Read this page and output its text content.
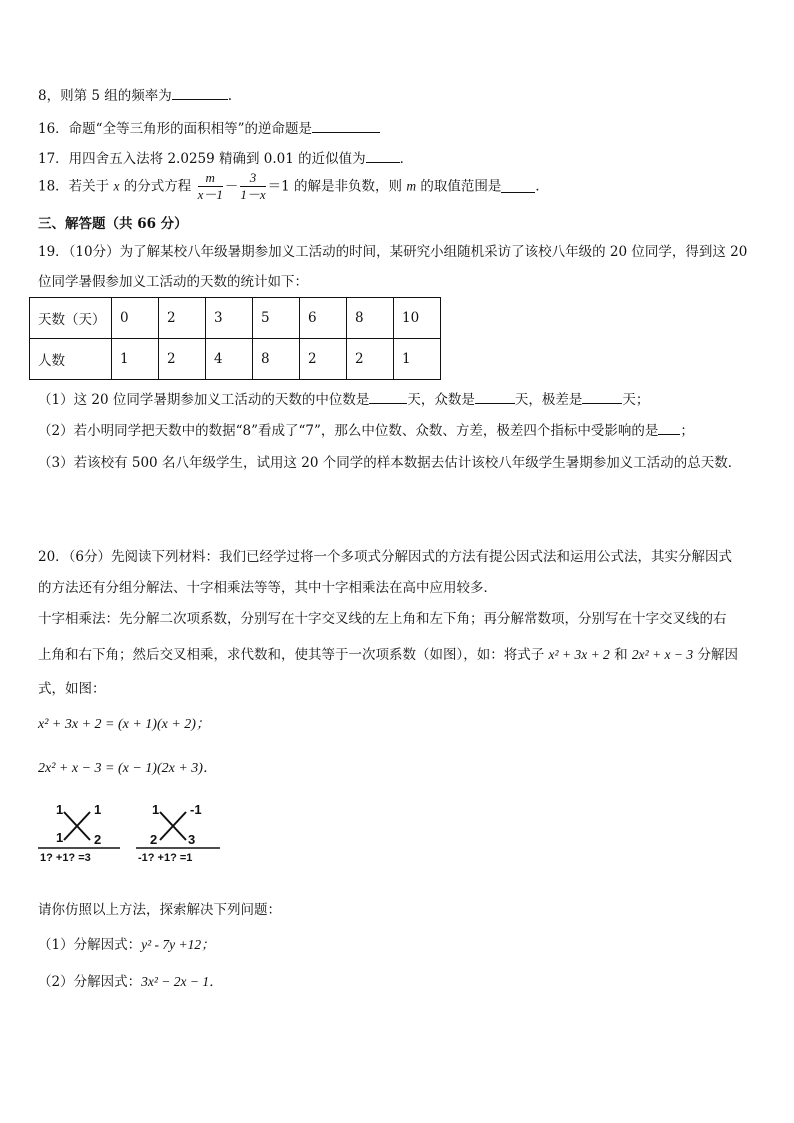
8，则第 5 组的频率为	.
16．命题“全等三角形的面积相等”的逆命题是
17．用四舍五入法将 2.0259 精确到 0.01 的近似值为	．
18．若关于 x 的分式方程 $\frac{m}{x-1} - \frac{3}{1-x} =1$ 的解是非负数，则 m 的取值范围是	．
三、解答题（共 66 分）
19．（10分）为了解某校八年级暑期参加义工活动的时间，某研究小组随机采访了该校八年级的 20 位同学，得到这 20
位同学暑假参加义工活动的天数的统计如下：
天数（天）	0	2	3	5	6	8	10
人数	1	2	4	8	2	2	1
（1）这 20 位同学暑期参加义工活动的天数的中位数是	天，众数是	天，极差是	天；
（2）若小明同学把天数中的数据“8”看成了“7”，那么中位数、众数、方差，极差四个指标中受影响的是 ；
（3）若该校有 500 名八年级学生，试用这 20 个同学的样本数据去估计该校八年级学生暑期参加义工活动的总天数．
20．（6分）先阅读下列材料：我们已经学过将一个多项式分解因式的方法有提公因式法和运用公式法，其实分解因式
的方法还有分组分解法、十字相乘法等等，其中十字相乘法在高中应用较多．
十字相乘法：先分解二次项系数，分别写在十字交叉线的左上角和左下角；再分解常数项，分别写在十字交叉线的右
上角和右下角；然后交叉相乘，求代数和，使其等于一次项系数（如图），如：将式子 x² + 3x + 2 和 2x² + x − 3 分解因
式，如图：
x² + 3x + 2 = (x + 1)(x + 2)；
2x² + x − 3 = (x − 1)(2x + 3)．
1 1
1 2
1? +1? =3
1 -1
2 3
-1? +1? =1
请你仿照以上方法，探索解决下列问题：
（1）分解因式：y² - 7y +12；
（2）分解因式：3x² − 2x − 1．
